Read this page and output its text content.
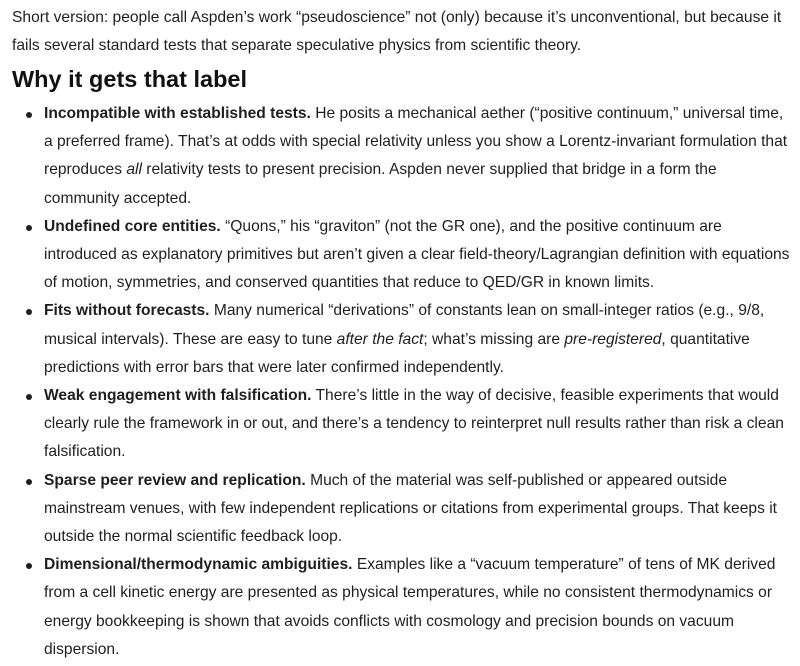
Short version: people call Aspden’s work “pseudoscience” not (only) because it’s unconventional, but because it fails several standard tests that separate speculative physics from scientific theory.

Why it gets that label
Incompatible with established tests. He posits a mechanical aether (“positive continuum,” universal time, a preferred frame). That’s at odds with special relativity unless you show a Lorentz-invariant formulation that reproduces all relativity tests to present precision. Aspden never supplied that bridge in a form the community accepted.
Undefined core entities. “Quons,” his “graviton” (not the GR one), and the positive continuum are introduced as explanatory primitives but aren’t given a clear field-theory/Lagrangian definition with equations of motion, symmetries, and conserved quantities that reduce to QED/GR in known limits.
Fits without forecasts. Many numerical “derivations” of constants lean on small-integer ratios (e.g., 9/8, musical intervals). These are easy to tune after the fact; what’s missing are pre-registered, quantitative predictions with error bars that were later confirmed independently.
Weak engagement with falsification. There’s little in the way of decisive, feasible experiments that would clearly rule the framework in or out, and there’s a tendency to reinterpret null results rather than risk a clean falsification.
Sparse peer review and replication. Much of the material was self-published or appeared outside mainstream venues, with few independent replications or citations from experimental groups. That keeps it outside the normal scientific feedback loop.
Dimensional/thermodynamic ambiguities. Examples like a “vacuum temperature” of tens of MK derived from a cell kinetic energy are presented as physical temperatures, while no consistent thermodynamics or energy bookkeeping is shown that avoids conflicts with cosmology and precision bounds on vacuum dispersion.
